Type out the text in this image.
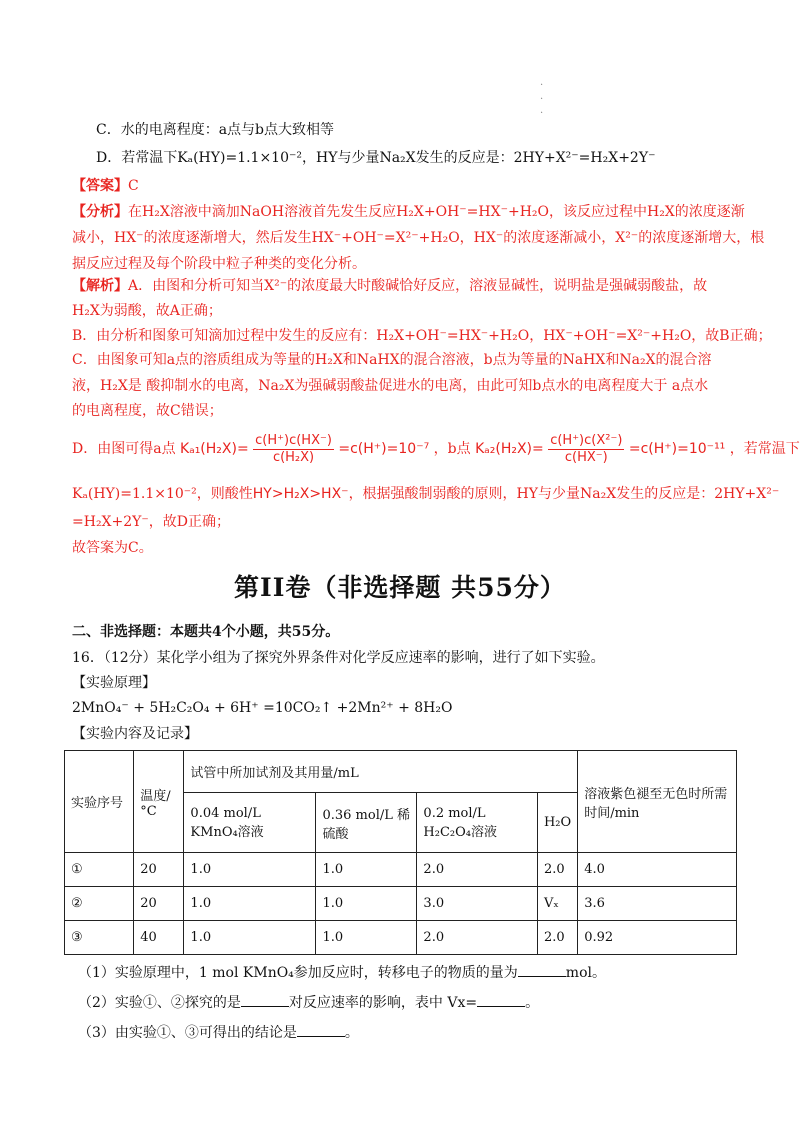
.
.
.
C．水的电离程度：a点与b点大致相等
D．若常温下Kₐ(HY)=1.1×10⁻²，HY与少量Na₂X发生的反应是：2HY+X²⁻=H₂X+2Y⁻
【答案】C
【分析】在H₂X溶液中滴加NaOH溶液首先发生反应H₂X+OH⁻=HX⁻+H₂O，该反应过程中H₂X的浓度逐渐
减小，HX⁻的浓度逐渐增大，然后发生HX⁻+OH⁻=X²⁻+H₂O，HX⁻的浓度逐渐减小，X²⁻的浓度逐渐增大，根
据反应过程及每个阶段中粒子种类的变化分析。
【解析】A．由图和分析可知当X²⁻的浓度最大时酸碱恰好反应，溶液显碱性，说明盐是强碱弱酸盐，故
H₂X为弱酸，故A正确；
B．由分析和图象可知滴加过程中发生的反应有：H₂X+OH⁻=HX⁻+H₂O，HX⁻+OH⁻=X²⁻+H₂O，故B正确；
C．由图象可知a点的溶质组成为等量的H₂X和NaHX的混合溶液，b点为等量的NaHX和Na₂X的混合溶
液，H₂X是 酸抑制水的电离，Na₂X为强碱弱酸盐促进水的电离，由此可知b点水的电离程度大于 a点水
的电离程度，故C错误；
D．由图可得a点 $K_{a1}(H_2X)= \frac{c(H^+)c(HX^-)}{\text{c(H₂X)}} =c(H^+)=10^{-7}$ ，b点 $K_{a2}(H_2X)= \frac{\text{c(H⁺)c(X²⁻)}}{c(HX^-)} =c(H^+)=10^{-11}$ ，若常温下
Kₐ(HY)=1.1×10⁻²，则酸性HY>H₂X>HX⁻，根据强酸制弱酸的原则，HY与少量Na₂X发生的反应是：2HY+X²⁻
=H₂X+2Y⁻，故D正确；
故答案为C。
第II卷（非选择题 共55分）
二、非选择题：本题共4个小题，共55分。
16．（12分）某化学小组为了探究外界条件对化学反应速率的影响，进行了如下实验。
【实验原理】
2MnO₄⁻ + 5H₂C₂O₄ + 6H⁺ =10CO₂↑ +2Mn²⁺ + 8H₂O
【实验内容及记录】
实验序号	温度/°C	试管中所加试剂及其用量/mL				溶液紫色褪至无色时所需时间/min
		0.04 mol/L KMnO₄溶液	0.36 mol/L 稀硫酸	0.2 mol/L H₂C₂O₄溶液	H₂O	
①	20	1.0	1.0	2.0	2.0	4.0
②	20	1.0	1.0	3.0	Vₓ	3.6
③	40	1.0	1.0	2.0	2.0	0.92
（1）实验原理中，1 mol KMnO₄参加反应时，转移电子的物质的量为	mol。
（2）实验①、②探究的是	对反应速率的影响，表中 Vx=	。
（3）由实验①、③可得出的结论是	。
